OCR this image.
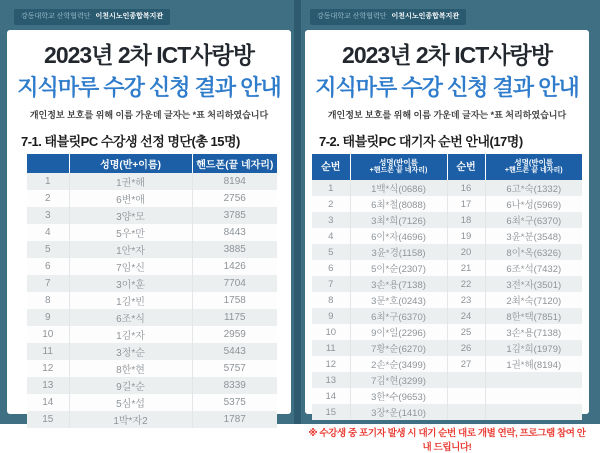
강동대학교 산학협력단 이천시노인종합복지관	강동대학교 산학협력단 이천시노인종합복지관
2023년 2차 ICT사랑방
지식마루 수강 신청 결과 안내

개인정보 보호를 위해 이름 가운데 글자는 *표 처리하였습니다

7-1. 태블릿PC 수강생 선정 명단(총 15명)
	성명(반+이름)	핸드폰(끝 네자리)
1	1권*해	8194
2	6변*애	2756
3	3양*모	3785
4	5우*만	8443
5	1안*자	3885
6	7임*신	1426
7	3이*훈	7704
8	1김*빈	1758
9	6조*식	1175
10	1김*자	2959
11	3정*순	5443
12	8한*현	5757
13	9길*순	8339
14	5심*섭	5375
15	1박*자2	1787
2023년 2차 ICT사랑방
지식마루 수강 신청 결과 안내

개인정보 보호를 위해 이름 가운데 글자는 *표 처리하였습니다

7-2. 태블릿PC 대기자 순번 안내(17명)
순번	성명(반이름
+핸드폰 끝 네자리)	순번	성명(반이름
+핸드폰 끝 네자리)

1	1백*식(0686)	16	6고*숙(1332)
2	6최*철(8088)	17	6나*성(5969)
3	3최*희(7126)	18	6최*구(6370)
4	6이*자(4696)	19	3윤*분(3548)
5	3윤*경(1158)	20	8이*옥(6326)
6	5이*순(2307)	21	6조*석(7432)
7	3손*용(7138)	22	3전*자(3501)
8	3문*호(0243)	23	2최*숙(7120)
9	6최*구(6370)	24	8한*택(7851)
10	9이*일(2296)	25	3손*용(7138)
11	7황*순(6270)	26	1김*희(1979)
12	2손*순(3499)	27	1권*해(8194)
13	7김*현(3299)		
14	3한*수(9653)		
15	3장*운(1410)		

※ 수강생 중 포기자 발생 시 대기 순번 대로 개별 연락, 프로그램 참여 안내 드립니다!
